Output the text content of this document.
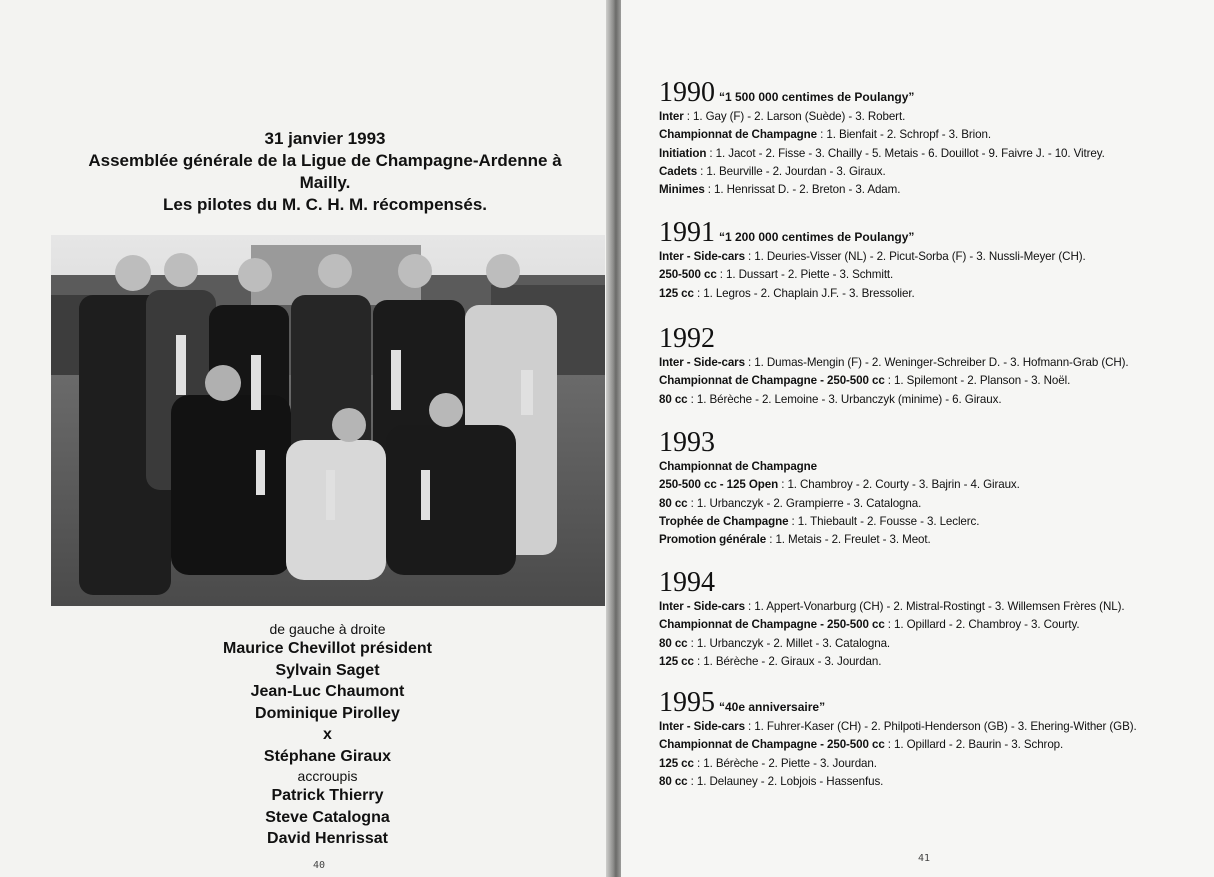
31 janvier 1993
Assemblée générale de la Ligue de Champagne-Ardenne à
Mailly.
Les pilotes du M. C. H. M. récompensés.
de gauche à droite
Maurice Chevillot président
Sylvain Saget
Jean-Luc Chaumont
Dominique Pirolley
x
Stéphane Giraux
accroupis
Patrick Thierry
Steve Catalogna
David Henrissat
40
1990 “1 500 000 centimes de Poulangy”
Inter : 1. Gay (F) - 2. Larson (Suède) - 3. Robert.
Championnat de Champagne : 1. Bienfait - 2. Schropf - 3. Brion.
Initiation : 1. Jacot - 2. Fisse - 3. Chailly - 5. Metais - 6. Douillot - 9. Faivre J. - 10. Vitrey.
Cadets : 1. Beurville - 2. Jourdan - 3. Giraux.
Minimes : 1. Henrissat D. - 2. Breton - 3. Adam.
1991 “1 200 000 centimes de Poulangy”
Inter - Side-cars : 1. Deuries-Visser (NL) - 2. Picut-Sorba (F) - 3. Nussli-Meyer (CH).
250-500 cc : 1. Dussart - 2. Piette - 3. Schmitt.
125 cc : 1. Legros - 2. Chaplain J.F. - 3. Bressolier.
1992
Inter - Side-cars : 1. Dumas-Mengin (F) - 2. Weninger-Schreiber D. - 3. Hofmann-Grab (CH).
Championnat de Champagne - 250-500 cc : 1. Spilemont - 2. Planson - 3. Noël.
80 cc : 1. Bérèche - 2. Lemoine - 3. Urbanczyk (minime) - 6. Giraux.
1993
Championnat de Champagne
250-500 cc - 125 Open : 1. Chambroy - 2. Courty - 3. Bajrin - 4. Giraux.
80 cc : 1. Urbanczyk - 2. Grampierre - 3. Catalogna.
Trophée de Champagne : 1. Thiebault - 2. Fousse - 3. Leclerc.
Promotion générale : 1. Metais - 2. Freulet - 3. Meot.
1994
Inter - Side-cars : 1. Appert-Vonarburg (CH) - 2. Mistral-Rostingt - 3. Willemsen Frères (NL).
Championnat de Champagne - 250-500 cc : 1. Opillard - 2. Chambroy - 3. Courty.
80 cc : 1. Urbanczyk - 2. Millet - 3. Catalogna.
125 cc : 1. Bérèche - 2. Giraux - 3. Jourdan.
1995 “40e anniversaire”
Inter - Side-cars : 1. Fuhrer-Kaser (CH) - 2. Philpoti-Henderson (GB) - 3. Ehering-Wither (GB).
Championnat de Champagne - 250-500 cc : 1. Opillard - 2. Baurin - 3. Schrop.
125 cc : 1. Bérèche - 2. Piette - 3. Jourdan.
80 cc : 1. Delauney - 2. Lobjois - Hassenfus.
41
